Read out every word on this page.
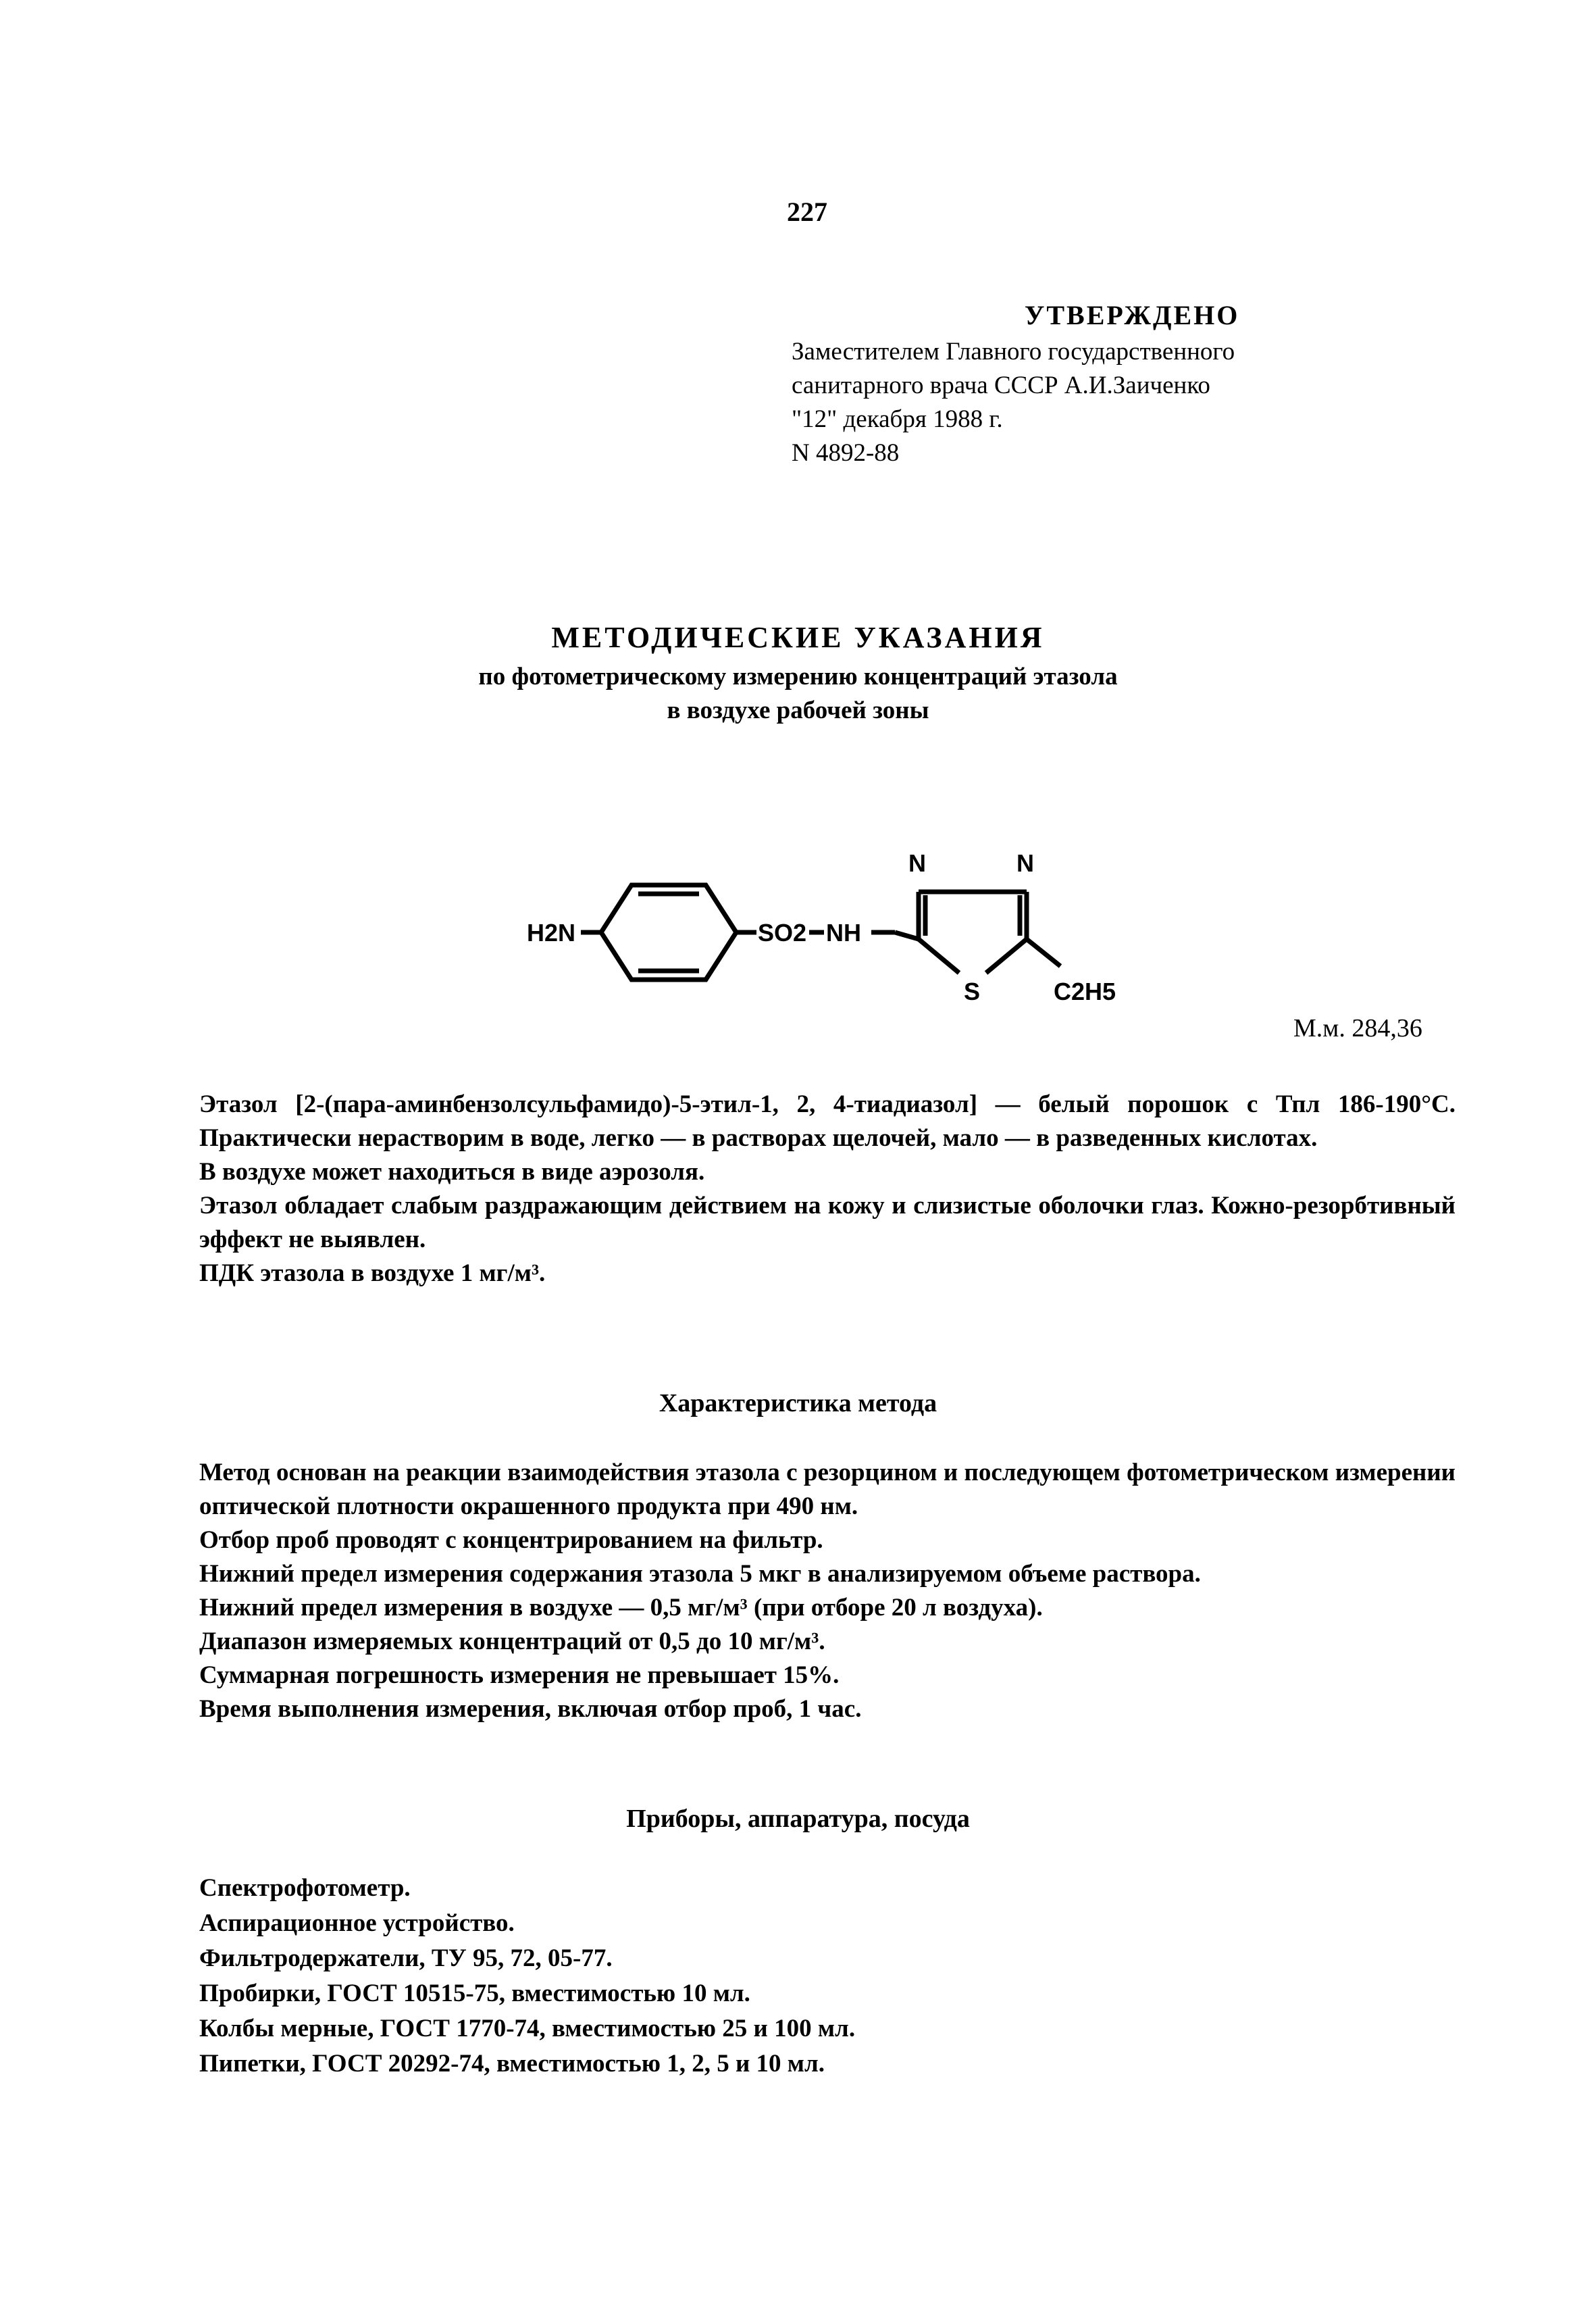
227
УТВЕРЖДЕНО
Заместителем Главного государственного
санитарного врача СССР А.И.Заиченко
"12" декабря 1988 г.
N 4892-88
МЕТОДИЧЕСКИЕ УКАЗАНИЯ
по фотометрическому измерению концентраций этазола
в воздухе рабочей зоны
H2N	SO2 NH
N	N
S	C2H5
М.м. 284,36

Этазол [2-(пара-аминбензолсульфамидо)-5-этил-1, 2, 4-тиадиазол] — белый порошок с Тпл 186-190°С. Практически нерастворим в воде, легко — в растворах щелочей, мало — в разведенных кислотах.

В воздухе может находиться в виде аэрозоля.

Этазол обладает слабым раздражающим действием на кожу и слизистые оболочки глаз. Кожно-резорбтивный эффект не выявлен.

ПДК этазола в воздухе 1 мг/м³.

Характеристика метода

Метод основан на реакции взаимодействия этазола с резорцином и последующем фотометрическом измерении оптической плотности окрашенного продукта при 490 нм.

Отбор проб проводят с концентрированием на фильтр.

Нижний предел измерения содержания этазола 5 мкг в анализируемом объеме раствора.

Нижний предел измерения в воздухе — 0,5 мг/м³ (при отборе 20 л воздуха).

Диапазон измеряемых концентраций от 0,5 до 10 мг/м³.

Суммарная погрешность измерения не превышает 15%.

Время выполнения измерения, включая отбор проб, 1 час.

Приборы, аппаратура, посуда

Спектрофотометр.

Аспирационное устройство.

Фильтродержатели, ТУ 95, 72, 05-77.

Пробирки, ГОСТ 10515-75, вместимостью 10 мл.

Колбы мерные, ГОСТ 1770-74, вместимостью 25 и 100 мл.

Пипетки, ГОСТ 20292-74, вместимостью 1, 2, 5 и 10 мл.
